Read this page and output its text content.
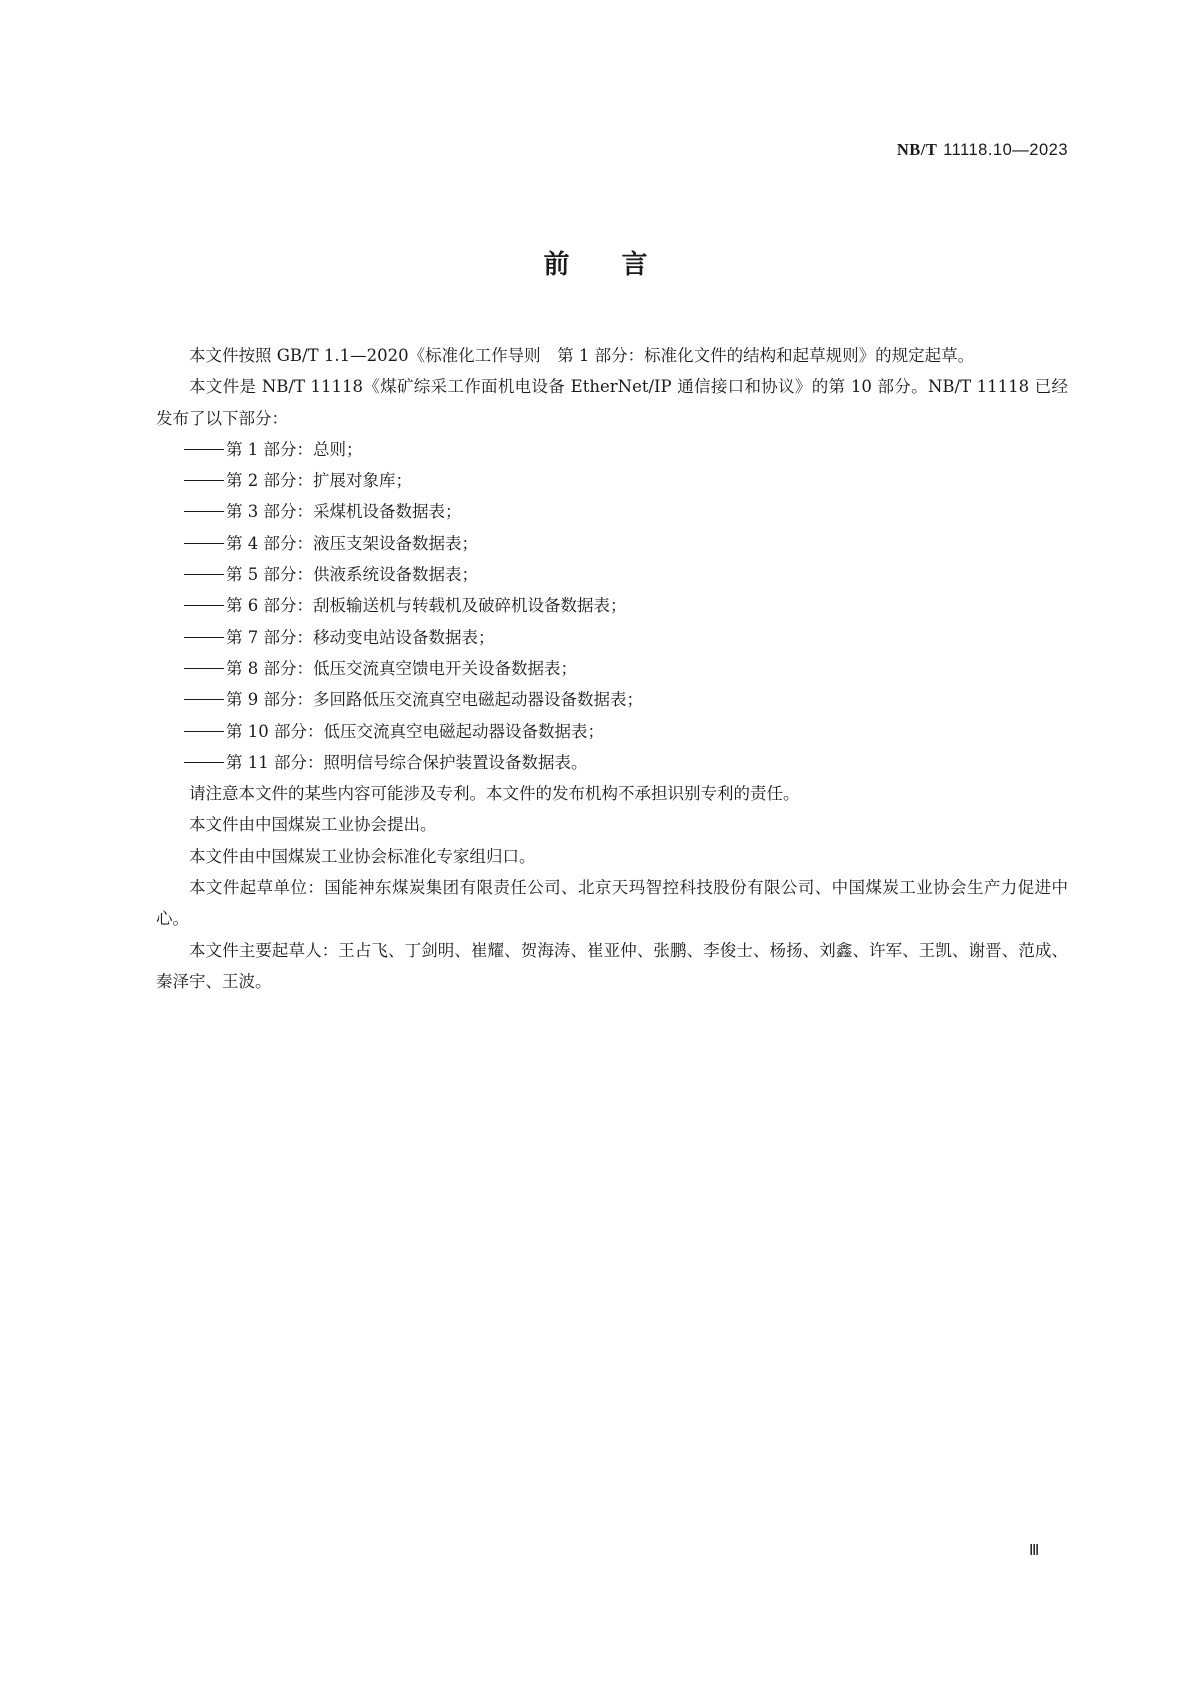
NB/T 11118.10—2023
前 言

本文件按照 GB/T 1.1—2020《标准化工作导则　第 1 部分：标准化文件的结构和起草规则》的规定起草。

本文件是 NB/T 11118《煤矿综采工作面机电设备 EtherNet/IP 通信接口和协议》的第 10 部分。NB/T 11118 已经发布了以下部分：

第 1 部分：总则；

第 2 部分：扩展对象库；

第 3 部分：采煤机设备数据表；

第 4 部分：液压支架设备数据表；

第 5 部分：供液系统设备数据表；

第 6 部分：刮板输送机与转载机及破碎机设备数据表；

第 7 部分：移动变电站设备数据表；

第 8 部分：低压交流真空馈电开关设备数据表；

第 9 部分：多回路低压交流真空电磁起动器设备数据表；

第 10 部分：低压交流真空电磁起动器设备数据表；

第 11 部分：照明信号综合保护装置设备数据表。

请注意本文件的某些内容可能涉及专利。本文件的发布机构不承担识别专利的责任。

本文件由中国煤炭工业协会提出。

本文件由中国煤炭工业协会标准化专家组归口。

本文件起草单位：国能神东煤炭集团有限责任公司、北京天玛智控科技股份有限公司、中国煤炭工业协会生产力促进中心。

本文件主要起草人：王占飞、丁剑明、崔耀、贺海涛、崔亚仲、张鹏、李俊士、杨扬、刘鑫、许军、王凯、谢晋、范成、秦泽宇、王波。

Ⅲ
